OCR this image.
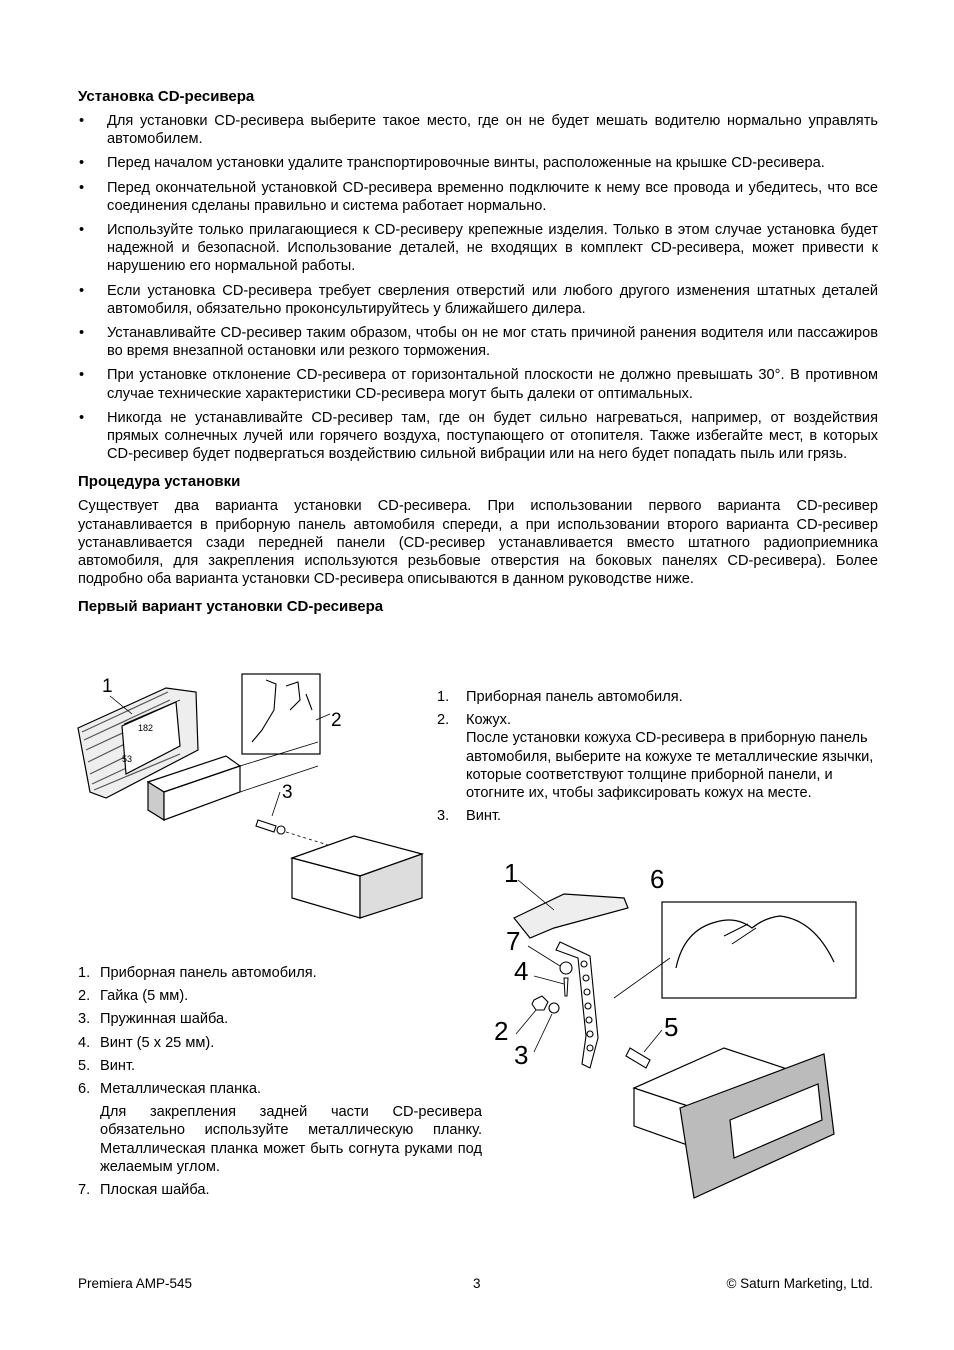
Установка CD-ресивера
• Для установки CD-ресивера выберите такое место, где он не будет мешать водителю нормально управлять автомобилем.
• Перед началом установки удалите транспортировочные винты, расположенные на крышке CD-ресивера.
• Перед окончательной установкой CD-ресивера временно подключите к нему все провода и убедитесь, что все соединения сделаны правильно и система работает нормально.
• Используйте только прилагающиеся к CD-ресиверу крепежные изделия. Только в этом случае установка будет надежной и безопасной. Использование деталей, не входящих в комплект CD-ресивера, может привести к нарушению его нормальной работы.
• Если установка CD-ресивера требует сверления отверстий или любого другого изменения штатных деталей автомобиля, обязательно проконсультируйтесь у ближайшего дилера.
• Устанавливайте CD-ресивер таким образом, чтобы он не мог стать причиной ранения водителя или пассажиров во время внезапной остановки или резкого торможения.
• При установке отклонение CD-ресивера от горизонтальной плоскости не должно превышать 30°. В противном случае технические характеристики CD-ресивера могут быть далеки от оптимальных.
• Никогда не устанавливайте CD-ресивер там, где он будет сильно нагреваться, например, от воздействия прямых солнечных лучей или горячего воздуха, поступающего от отопителя. Также избегайте мест, в которых CD-ресивер будет подвергаться воздействию сильной вибрации или на него будет попадать пыль или грязь.
Процедура установки

Существует два варианта установки CD-ресивера. При использовании первого варианта CD-ресивер устанавливается в приборную панель автомобиля спереди, а при использовании второго варианта CD-ресивер устанавливается сзади передней панели (CD-ресивер устанавливается вместо штатного радиоприемника автомобиля, для закрепления используются резьбовые отверстия на боковых панелях CD-ресивера). Более подробно оба варианта установки CD-ресивера описываются в данном руководстве ниже.

Первый вариант установки CD-ресивера
182
53
1
2
3
1. Приборная панель автомобиля.
2. Кожух.
После установки кожуха CD-ресивера в приборную панель автомобиля, выберите на кожухе те металлические язычки, которые соответствуют толщине приборной панели, и отогните их, чтобы зафиксировать кожух на месте.
3. Винт.
1	6
7
4
2
3
5
1. Приборная панель автомобиля.
2. Гайка (5 мм).
3. Пружинная шайба.
4. Винт (5 х 25 мм).
5. Винт.
6. Металлическая планка.

Для закрепления задней части CD-ресивера обязательно используйте металлическую планку. Металлическая планка может быть согнута руками под желаемым углом.

7. Плоская шайба.
Premiera AMP-545	3	© Saturn Marketing, Ltd.
